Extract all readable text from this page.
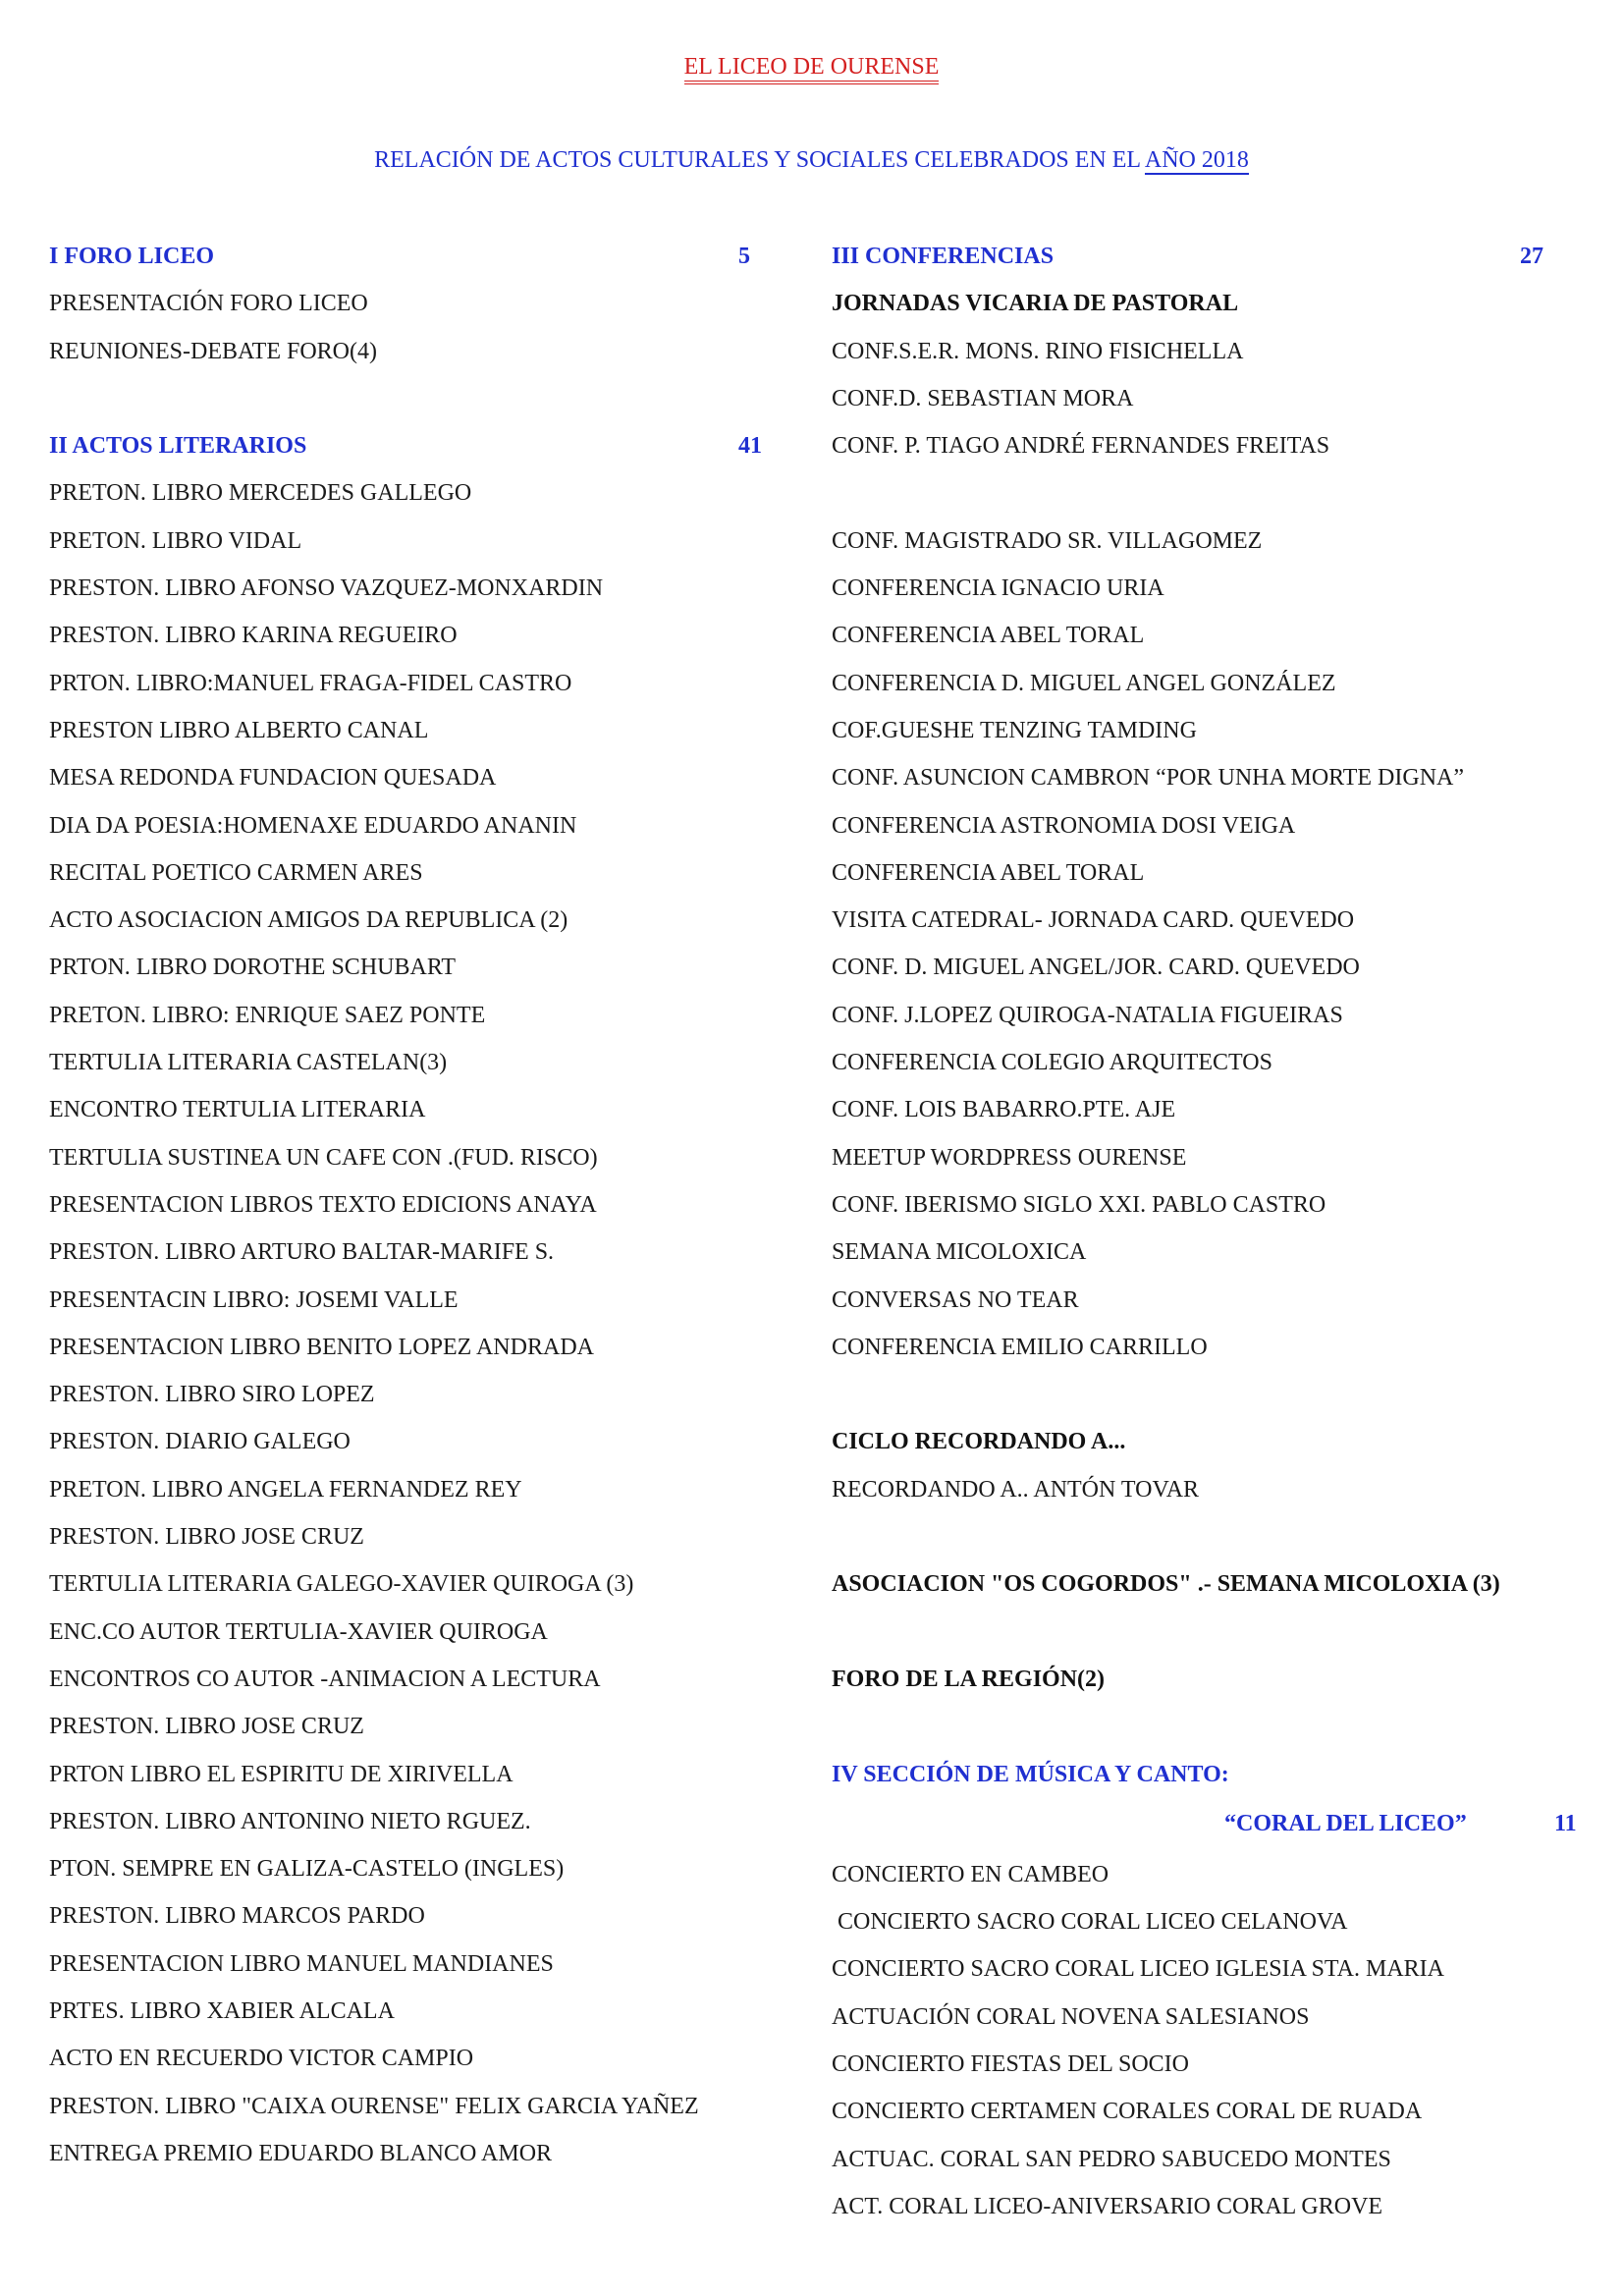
EL LICEO DE OURENSE
RELACIÓN DE ACTOS CULTURALES Y SOCIALES CELEBRADOS EN EL AÑO 2018
I FORO LICEO	5
PRESENTACIÓN FORO LICEO
REUNIONES-DEBATE FORO(4)
II ACTOS LITERARIOS	41
PRETON. LIBRO MERCEDES GALLEGO
PRETON. LIBRO VIDAL
PRESTON. LIBRO AFONSO VAZQUEZ-MONXARDIN
PRESTON. LIBRO KARINA REGUEIRO
PRTON. LIBRO:MANUEL FRAGA-FIDEL CASTRO
PRESTON LIBRO ALBERTO CANAL
MESA REDONDA FUNDACION QUESADA
DIA DA POESIA:HOMENAXE EDUARDO ANANIN
RECITAL POETICO CARMEN ARES
ACTO ASOCIACION AMIGOS DA REPUBLICA (2)
PRTON. LIBRO DOROTHE SCHUBART
PRETON. LIBRO: ENRIQUE SAEZ PONTE
TERTULIA LITERARIA CASTELAN(3)
ENCONTRO TERTULIA LITERARIA
TERTULIA SUSTINEA UN CAFE CON .(FUD. RISCO)
PRESENTACION LIBROS TEXTO EDICIONS ANAYA
PRESTON. LIBRO ARTURO BALTAR-MARIFE S.
PRESENTACIN LIBRO: JOSEMI VALLE
PRESENTACION LIBRO BENITO LOPEZ ANDRADA
PRESTON. LIBRO SIRO LOPEZ
PRESTON. DIARIO GALEGO
PRETON. LIBRO ANGELA FERNANDEZ REY
PRESTON. LIBRO JOSE CRUZ
TERTULIA LITERARIA GALEGO-XAVIER QUIROGA (3)
ENC.CO AUTOR TERTULIA-XAVIER QUIROGA
ENCONTROS CO AUTOR -ANIMACION A LECTURA
PRESTON. LIBRO JOSE CRUZ
PRTON LIBRO EL ESPIRITU DE XIRIVELLA
PRESTON. LIBRO ANTONINO NIETO RGUEZ.
PTON. SEMPRE EN GALIZA-CASTELO (INGLES)
PRESTON. LIBRO MARCOS PARDO
PRESENTACION LIBRO MANUEL MANDIANES
PRTES. LIBRO XABIER ALCALA
ACTO EN RECUERDO VICTOR CAMPIO
PRESTON. LIBRO "CAIXA OURENSE" FELIX GARCIA YAÑEZ
ENTREGA PREMIO EDUARDO BLANCO AMOR
III CONFERENCIAS	27
JORNADAS VICARIA DE PASTORAL
CONF.S.E.R. MONS. RINO FISICHELLA
CONF.D. SEBASTIAN MORA
CONF. P. TIAGO ANDRÉ FERNANDES FREITAS
CONF. MAGISTRADO SR. VILLAGOMEZ
CONFERENCIA IGNACIO URIA
CONFERENCIA ABEL TORAL
CONFERENCIA D. MIGUEL ANGEL GONZÁLEZ
COF.GUESHE TENZING TAMDING
CONF. ASUNCION CAMBRON “POR UNHA MORTE DIGNA”
CONFERENCIA ASTRONOMIA DOSI VEIGA
CONFERENCIA ABEL TORAL
VISITA CATEDRAL- JORNADA CARD. QUEVEDO
CONF. D. MIGUEL ANGEL/JOR. CARD. QUEVEDO
CONF. J.LOPEZ QUIROGA-NATALIA FIGUEIRAS
CONFERENCIA COLEGIO ARQUITECTOS
CONF. LOIS BABARRO.PTE. AJE
MEETUP WORDPRESS OURENSE
CONF. IBERISMO SIGLO XXI. PABLO CASTRO
SEMANA MICOLOXICA
CONVERSAS NO TEAR
CONFERENCIA EMILIO CARRILLO
CICLO RECORDANDO A...
RECORDANDO A.. ANTÓN TOVAR
ASOCIACION "OS COGORDOS" .- SEMANA MICOLOXIA (3)
FORO DE LA REGIÓN(2)
IV SECCIÓN DE MÚSICA Y CANTO:
“CORAL DEL LICEO”	11
CONCIERTO EN CAMBEO
CONCIERTO SACRO CORAL LICEO CELANOVA
CONCIERTO SACRO CORAL LICEO IGLESIA STA. MARIA
ACTUACIÓN CORAL NOVENA SALESIANOS
CONCIERTO FIESTAS DEL SOCIO
CONCIERTO CERTAMEN CORALES CORAL DE RUADA
ACTUAC. CORAL SAN PEDRO SABUCEDO MONTES
ACT. CORAL LICEO-ANIVERSARIO CORAL GROVE
